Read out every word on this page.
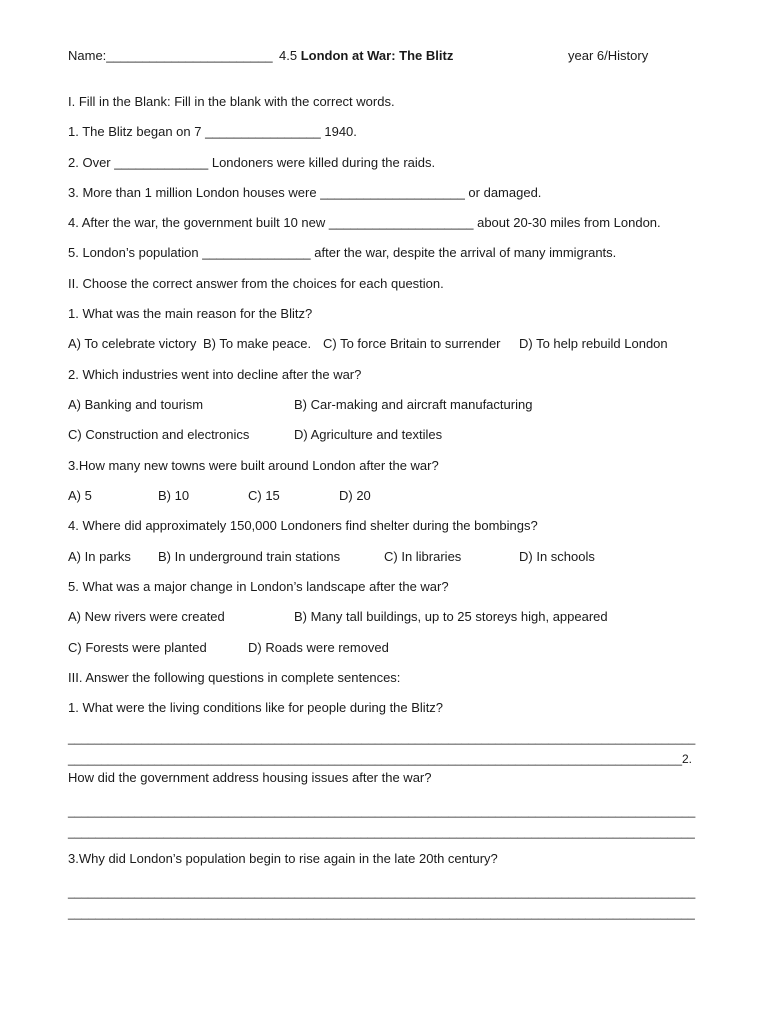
Name:_______________________ 4.5 London at War: The Blitz	year 6/History
I. Fill in the Blank: Fill in the blank with the correct words.
1. The Blitz began on 7 ________________ 1940.
2. Over _____________ Londoners were killed during the raids.
3. More than 1 million London houses were ____________________ or damaged.
4. After the war, the government built 10 new ____________________ about 20-30 miles from London.
5. London’s population _______________ after the war, despite the arrival of many immigrants.
II. Choose the correct answer from the choices for each question.
1. What was the main reason for the Blitz?
A) To celebrate victory B) To make peace. C) To force Britain to surrender D) To help rebuild London
2. Which industries went into decline after the war?
A) Banking and tourism	B) Car-making and aircraft manufacturing
C) Construction and electronics	D) Agriculture and textiles
3.How many new towns were built around London after the war?
A) 5	B) 10	C) 15	D) 20
4. Where did approximately 150,000 Londoners find shelter during the bombings?
A) In parks B) In underground train stations	C) In libraries	D) In schools
5. What was a major change in London’s landscape after the war?
A) New rivers were created	B) Many tall buildings, up to 25 storeys high, appeared
C) Forests were planted	D) Roads were removed
III. Answer the following questions in complete sentences:
1. What were the living conditions like for people during the Blitz?
______________________________________________________________________________________________
____________________________________________________________________________________________2.
How did the government address housing issues after the war?
______________________________________________________________________________________________
____________________________________________________________________________________________
3.Why did London’s population begin to rise again in the late 20th century?
______________________________________________________________________________________________
____________________________________________________________________________________________
